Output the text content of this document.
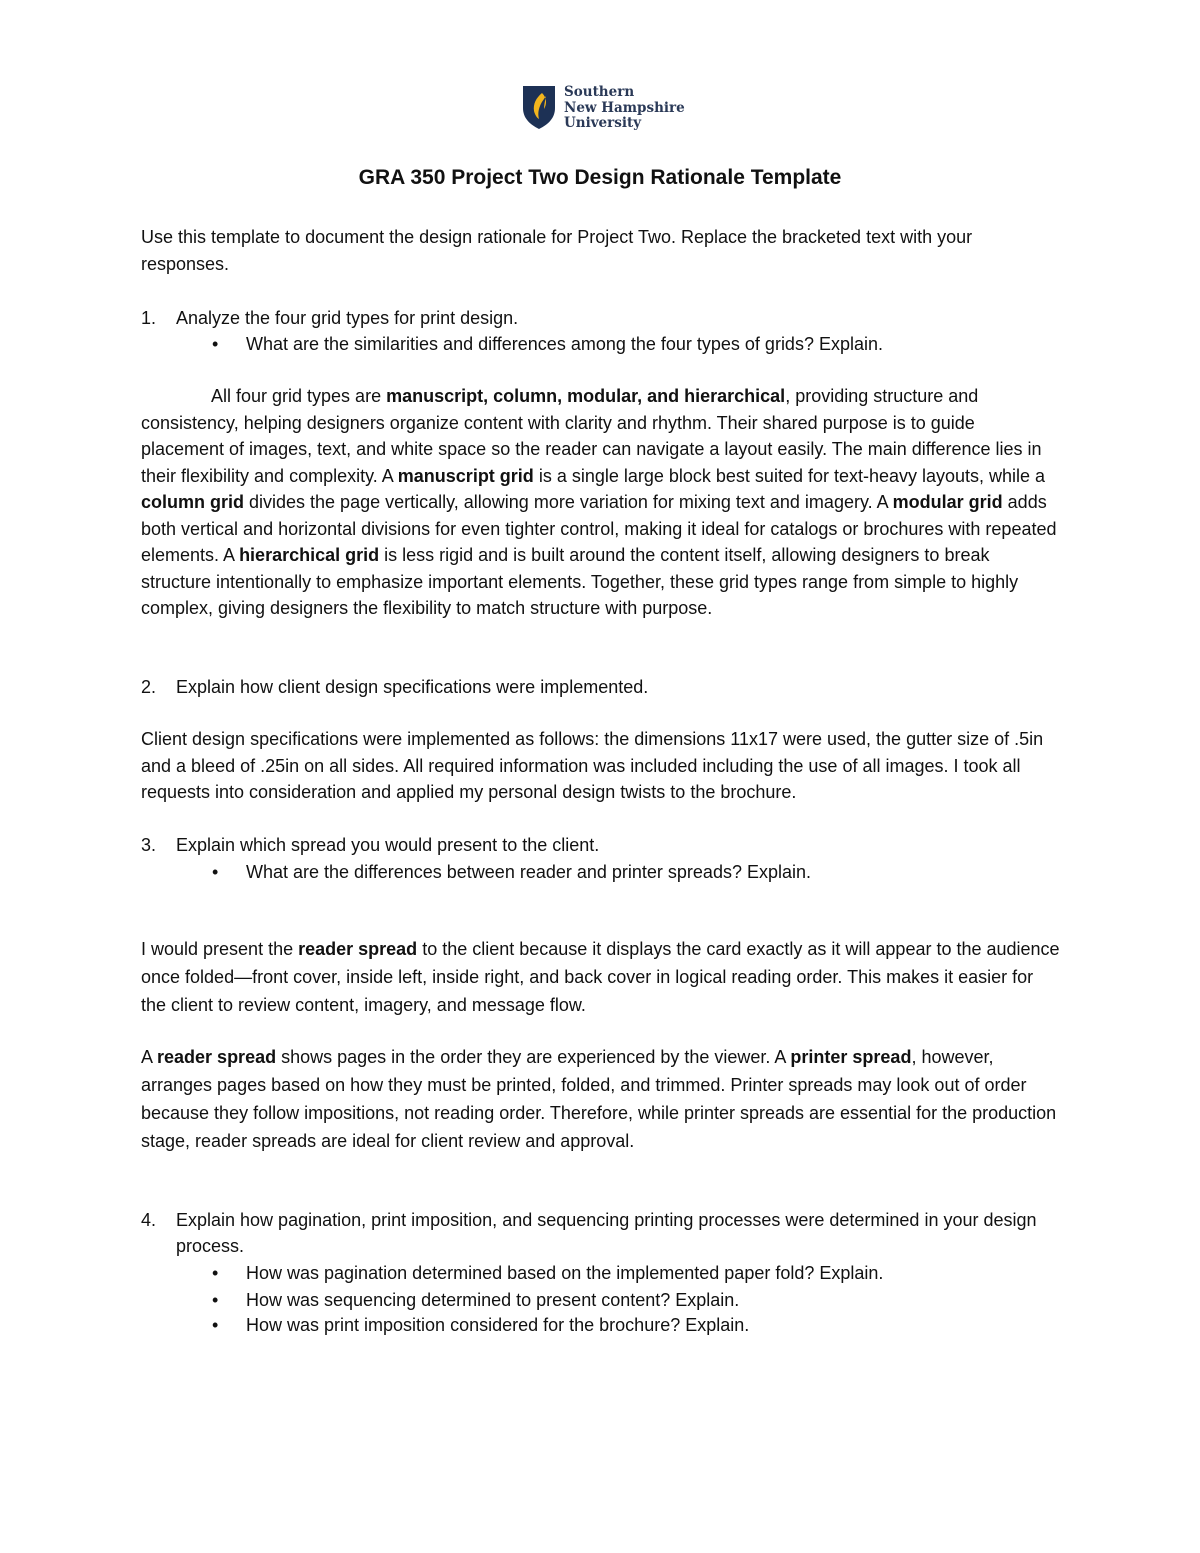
Southern
New Hampshire
University
GRA 350 Project Two Design Rationale Template

Use this template to document the design rationale for Project Two. Replace the bracketed text with your responses.

1. Analyze the four grid types for print design.
• What are the similarities and differences among the four types of grids? Explain.

All four grid types are manuscript, column, modular, and hierarchical, providing structure and consistency, helping designers organize content with clarity and rhythm. Their shared purpose is to guide placement of images, text, and white space so the reader can navigate a layout easily. The main difference lies in their flexibility and complexity. A manuscript grid is a single large block best suited for text-heavy layouts, while a column grid divides the page vertically, allowing more variation for mixing text and imagery. A modular grid adds both vertical and horizontal divisions for even tighter control, making it ideal for catalogs or brochures with repeated elements. A hierarchical grid is less rigid and is built around the content itself, allowing designers to break structure intentionally to emphasize important elements. Together, these grid types range from simple to highly complex, giving designers the flexibility to match structure with purpose.

2. Explain how client design specifications were implemented.

Client design specifications were implemented as follows: the dimensions 11x17 were used, the gutter size of .5in and a bleed of .25in on all sides. All required information was included including the use of all images. I took all requests into consideration and applied my personal design twists to the brochure.

3. Explain which spread you would present to the client.
• What are the differences between reader and printer spreads? Explain.

I would present the reader spread to the client because it displays the card exactly as it will appear to the audience once folded—front cover, inside left, inside right, and back cover in logical reading order. This makes it easier for the client to review content, imagery, and message flow.

A reader spread shows pages in the order they are experienced by the viewer. A printer spread, however, arranges pages based on how they must be printed, folded, and trimmed. Printer spreads may look out of order because they follow impositions, not reading order. Therefore, while printer spreads are essential for the production stage, reader spreads are ideal for client review and approval.

4. Explain how pagination, print imposition, and sequencing printing processes were determined in your design process.
• How was pagination determined based on the implemented paper fold? Explain.
• How was sequencing determined to present content? Explain.
• How was print imposition considered for the brochure? Explain.
